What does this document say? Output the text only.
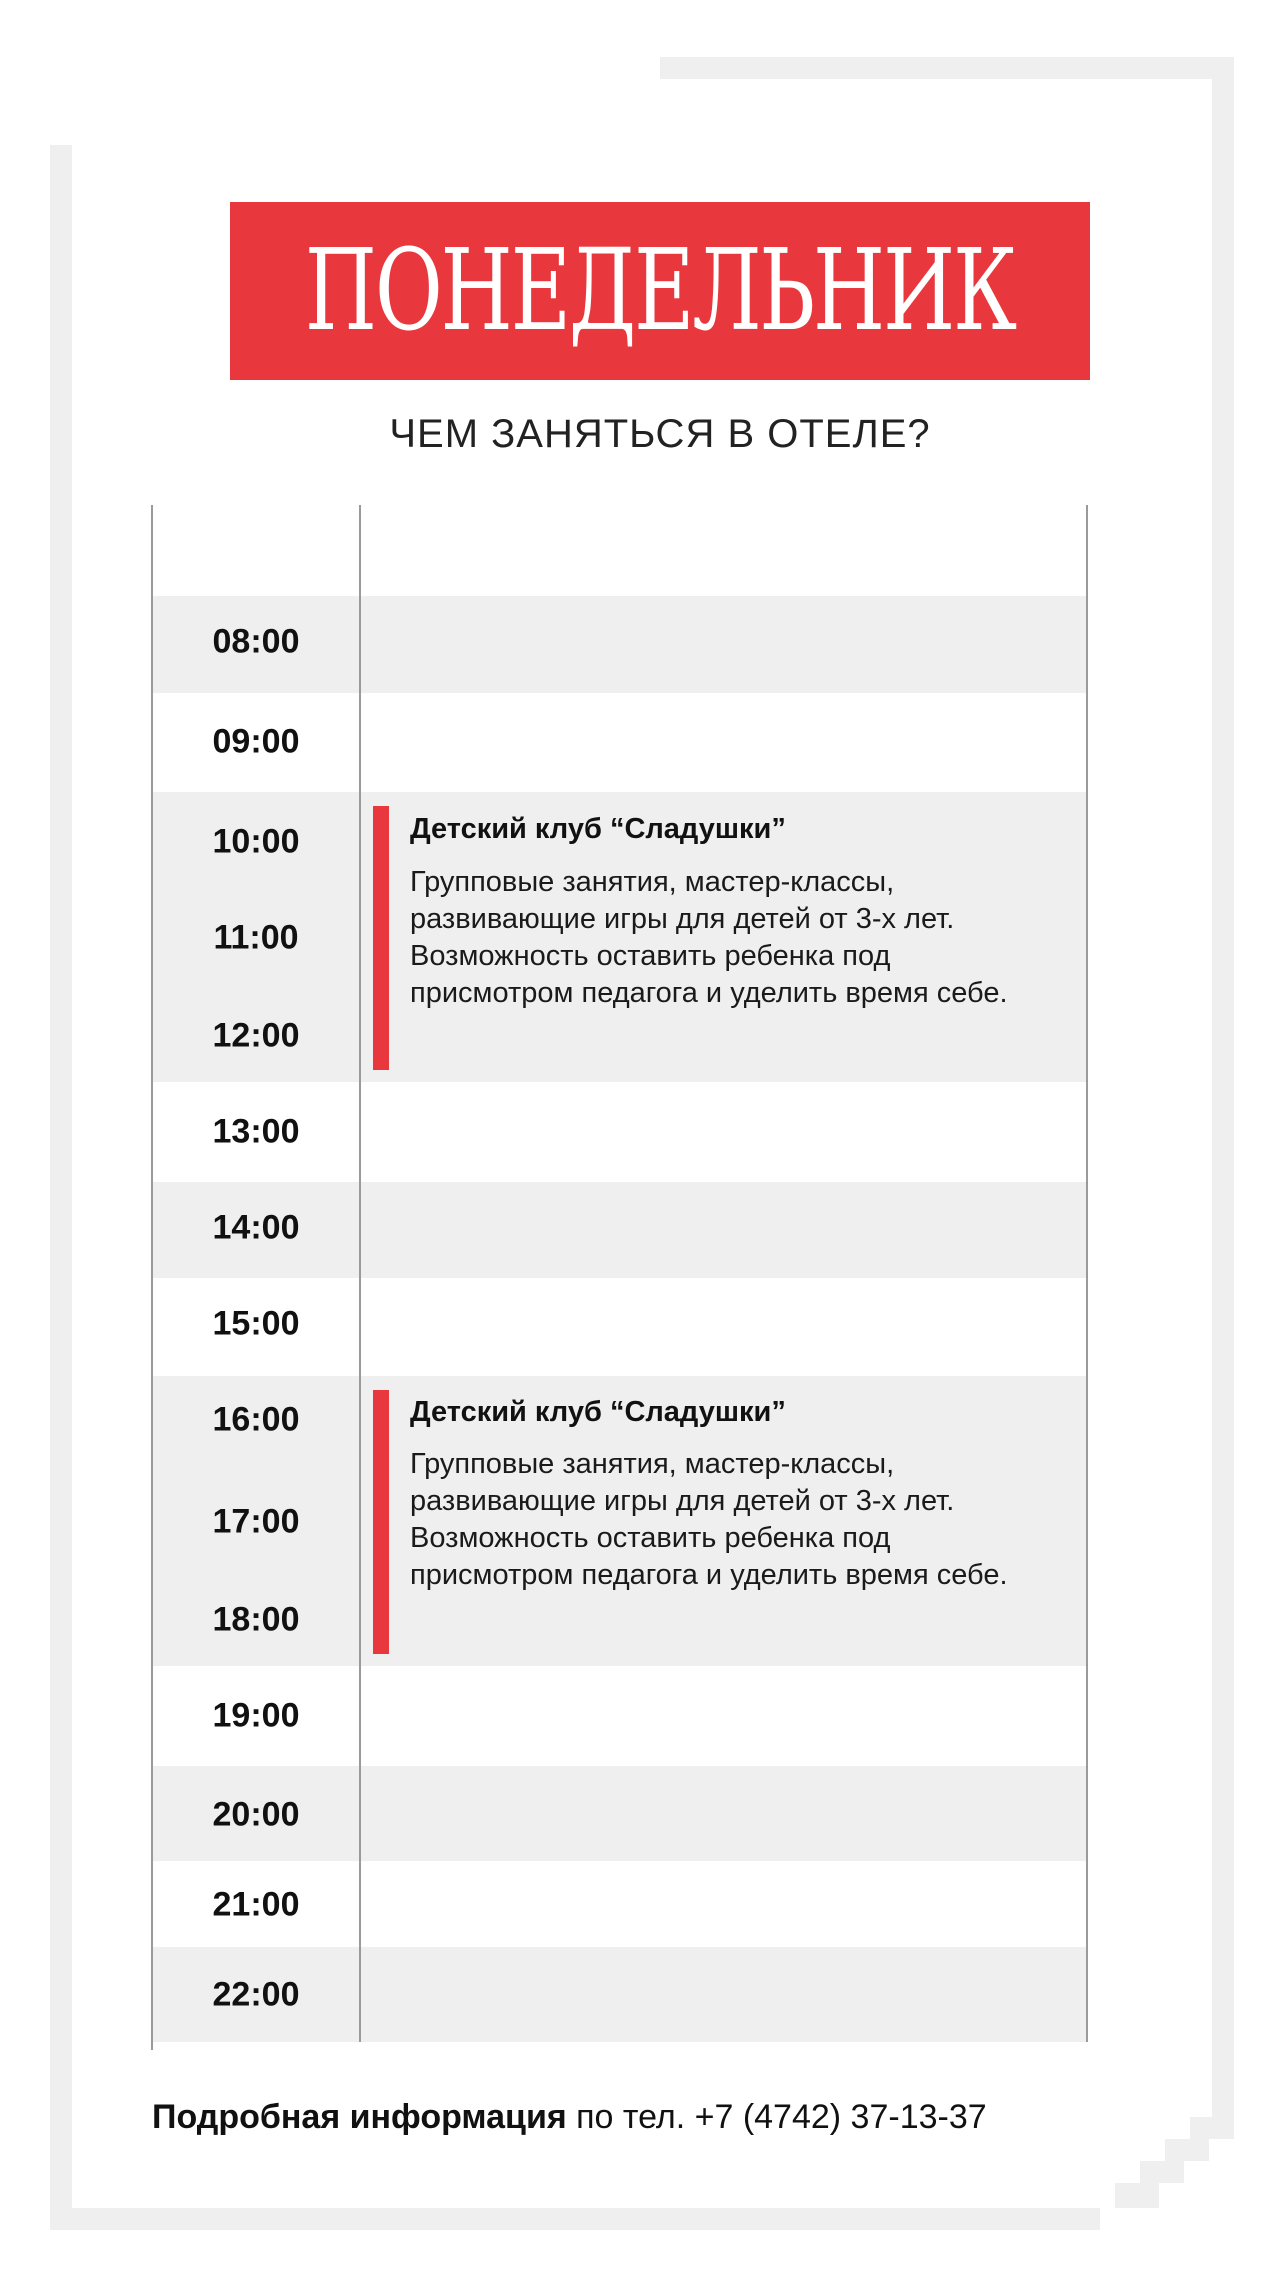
ПОНЕДЕЛЬНИК
ЧЕМ ЗАНЯТЬСЯ В ОТЕЛЕ?
08:00
09:00
10:00
11:00
12:00
13:00
14:00
15:00
16:00
17:00
18:00
19:00
20:00
21:00
22:00
Детский клуб “Сладушки”
Групповые занятия, мастер-классы, развивающие игры для детей от 3-х лет. Возможность оставить ребенка под присмотром педагога и уделить время себе.
Детский клуб “Сладушки”
Групповые занятия, мастер-классы, развивающие игры для детей от 3-х лет. Возможность оставить ребенка под присмотром педагога и уделить время себе.
Подробная информация по тел. +7 (4742) 37-13-37
